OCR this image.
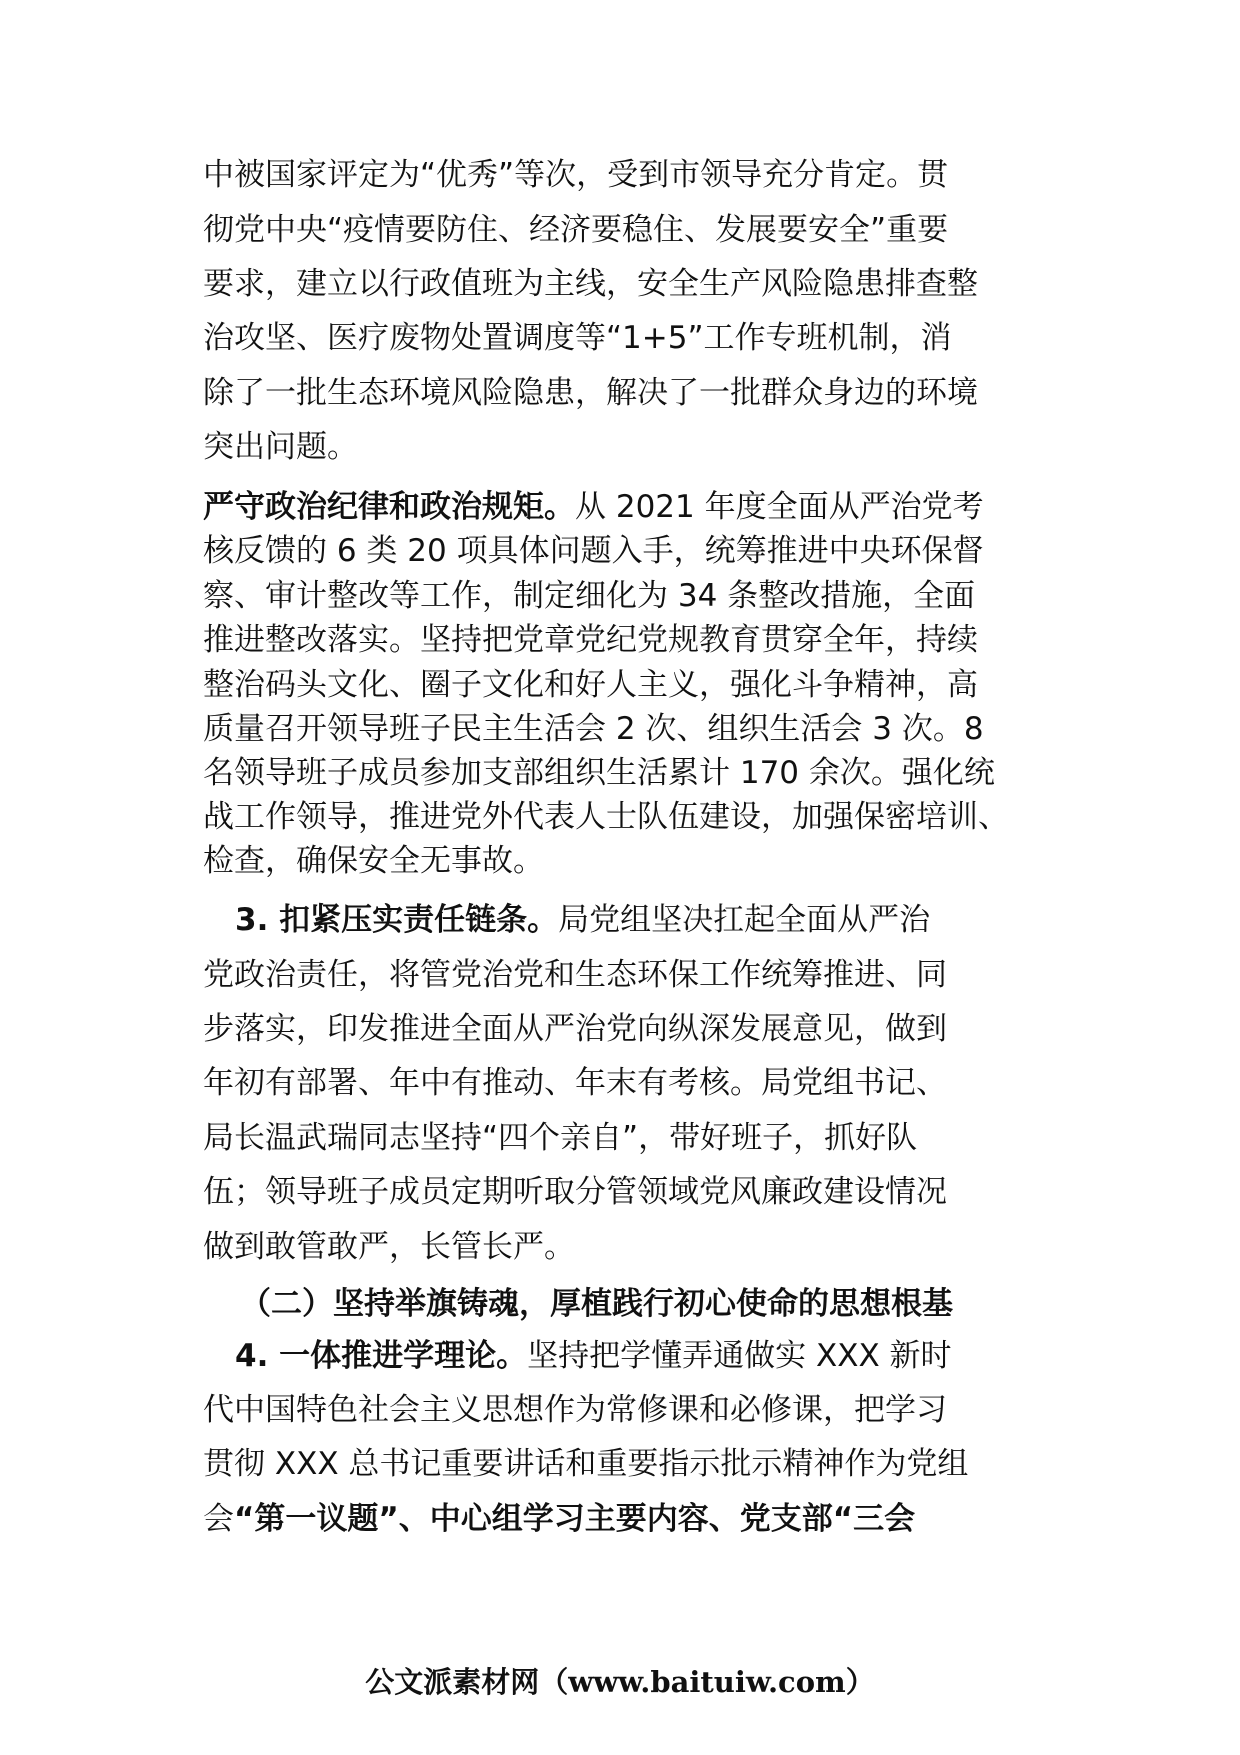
中被国家评定为“优秀”等次，受到市领导充分肯定。贯
彻党中央“疫情要防住、经济要稳住、发展要安全”重要
要求，建立以行政值班为主线，安全生产风险隐患排查整
治攻坚、医疗废物处置调度等“1+5”工作专班机制，消
除了一批生态环境风险隐患，解决了一批群众身边的环境
突出问题。
严守政治纪律和政治规矩。从 2021 年度全面从严治党考
核反馈的 6 类 20 项具体问题入手，统筹推进中央环保督
察、审计整改等工作，制定细化为 34 条整改措施，全面
推进整改落实。坚持把党章党纪党规教育贯穿全年，持续
整治码头文化、圈子文化和好人主义，强化斗争精神，高
质量召开领导班子民主生活会 2 次、组织生活会 3 次。8
名领导班子成员参加支部组织生活累计 170 余次。强化统
战工作领导，推进党外代表人士队伍建设，加强保密培训、
检查，确保安全无事故。
3. 扣紧压实责任链条。局党组坚决扛起全面从严治
党政治责任，将管党治党和生态环保工作统筹推进、同
步落实，印发推进全面从严治党向纵深发展意见，做到
年初有部署、年中有推动、年末有考核。局党组书记、
局长温武瑞同志坚持“四个亲自”，带好班子，抓好队
伍；领导班子成员定期听取分管领域党风廉政建设情况
做到敢管敢严，长管长严。
（二）坚持举旗铸魂，厚植践行初心使命的思想根基
4. 一体推进学理论。坚持把学懂弄通做实 XXX 新时
代中国特色社会主义思想作为常修课和必修课，把学习
贯彻 XXX 总书记重要讲话和重要指示批示精神作为党组
会“第一议题”、中心组学习主要内容、党支部“三会
公文派素材网（www.baituiw.com）
